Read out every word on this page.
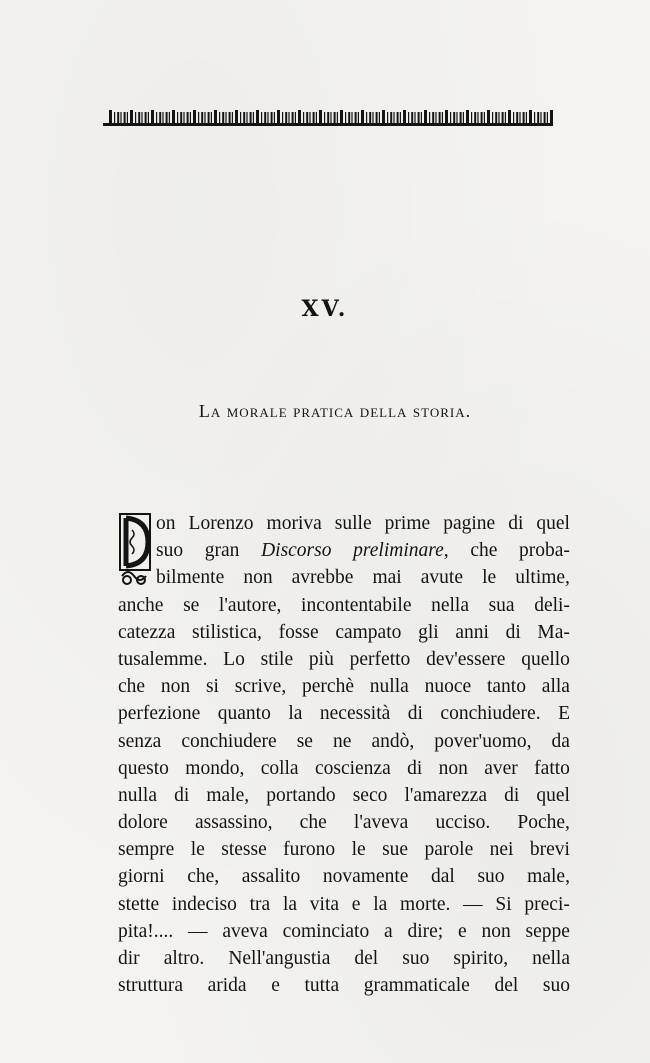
XV.
La morale pratica della storia.
on Lorenzo moriva sulle prime pagine di quel
suo gran Discorso preliminare, che proba-
bilmente non avrebbe mai avute le ultime,
anche se l'autore, incontentabile nella sua deli-
catezza stilistica, fosse campato gli anni di Ma-
tusalemme. Lo stile più perfetto dev'essere quello
che non si scrive, perchè nulla nuoce tanto alla
perfezione quanto la necessità di conchiudere. E
senza conchiudere se ne andò, pover'uomo, da
questo mondo, colla coscienza di non aver fatto
nulla di male, portando seco l'amarezza di quel
dolore assassino, che l'aveva ucciso. Poche,
sempre le stesse furono le sue parole nei brevi
giorni che, assalito novamente dal suo male,
stette indeciso tra la vita e la morte. — Si preci-
pita!.... — aveva cominciato a dire; e non seppe
dir altro. Nell'angustia del suo spirito, nella
struttura arida e tutta grammaticale del suo
